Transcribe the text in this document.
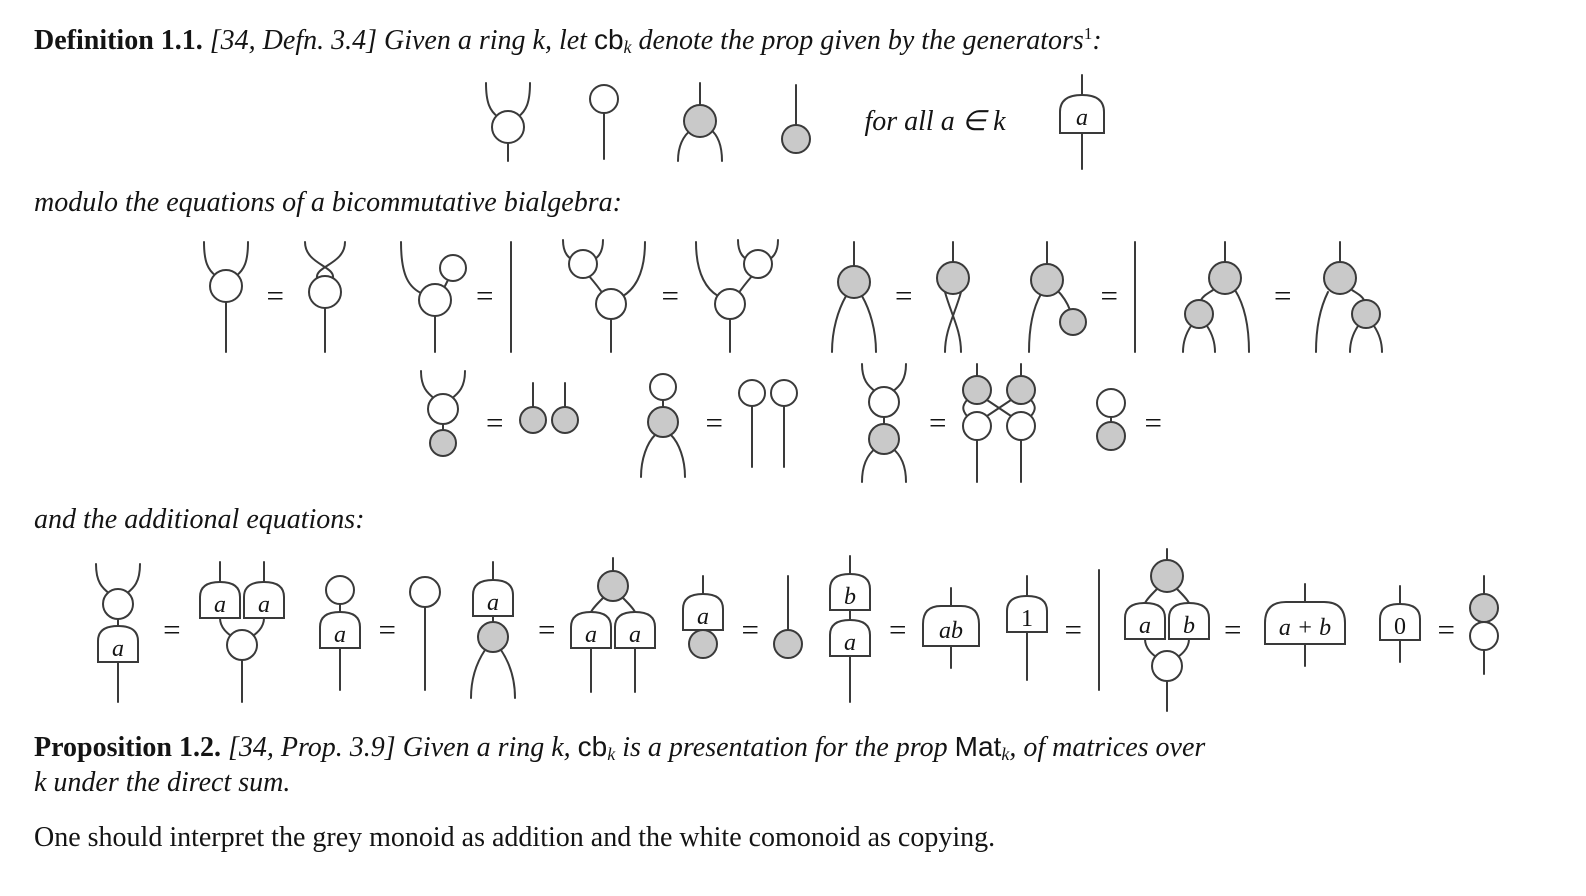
Definition 1.1. [34, Defn. 3.4] Given a ring k, let $cb_k$ denote the prop given by the generators$^1$:

for all a ∈ k	a

modulo the equations of a bicommutative bialgebra:

=	=	=	=	=	=
=	=	=	=

and the additional equations:

a
=
a a
a =
a
= a a
a =
b
a = ab 1 = a b = a + b	0 =

Proposition 1.2. [34, Prop. 3.9] Given a ring k, $cb_k$ is a presentation for the prop Mat$_k$, of matrices over
k under the direct sum.

One should interpret the grey monoid as addition and the white comonoid as copying.
